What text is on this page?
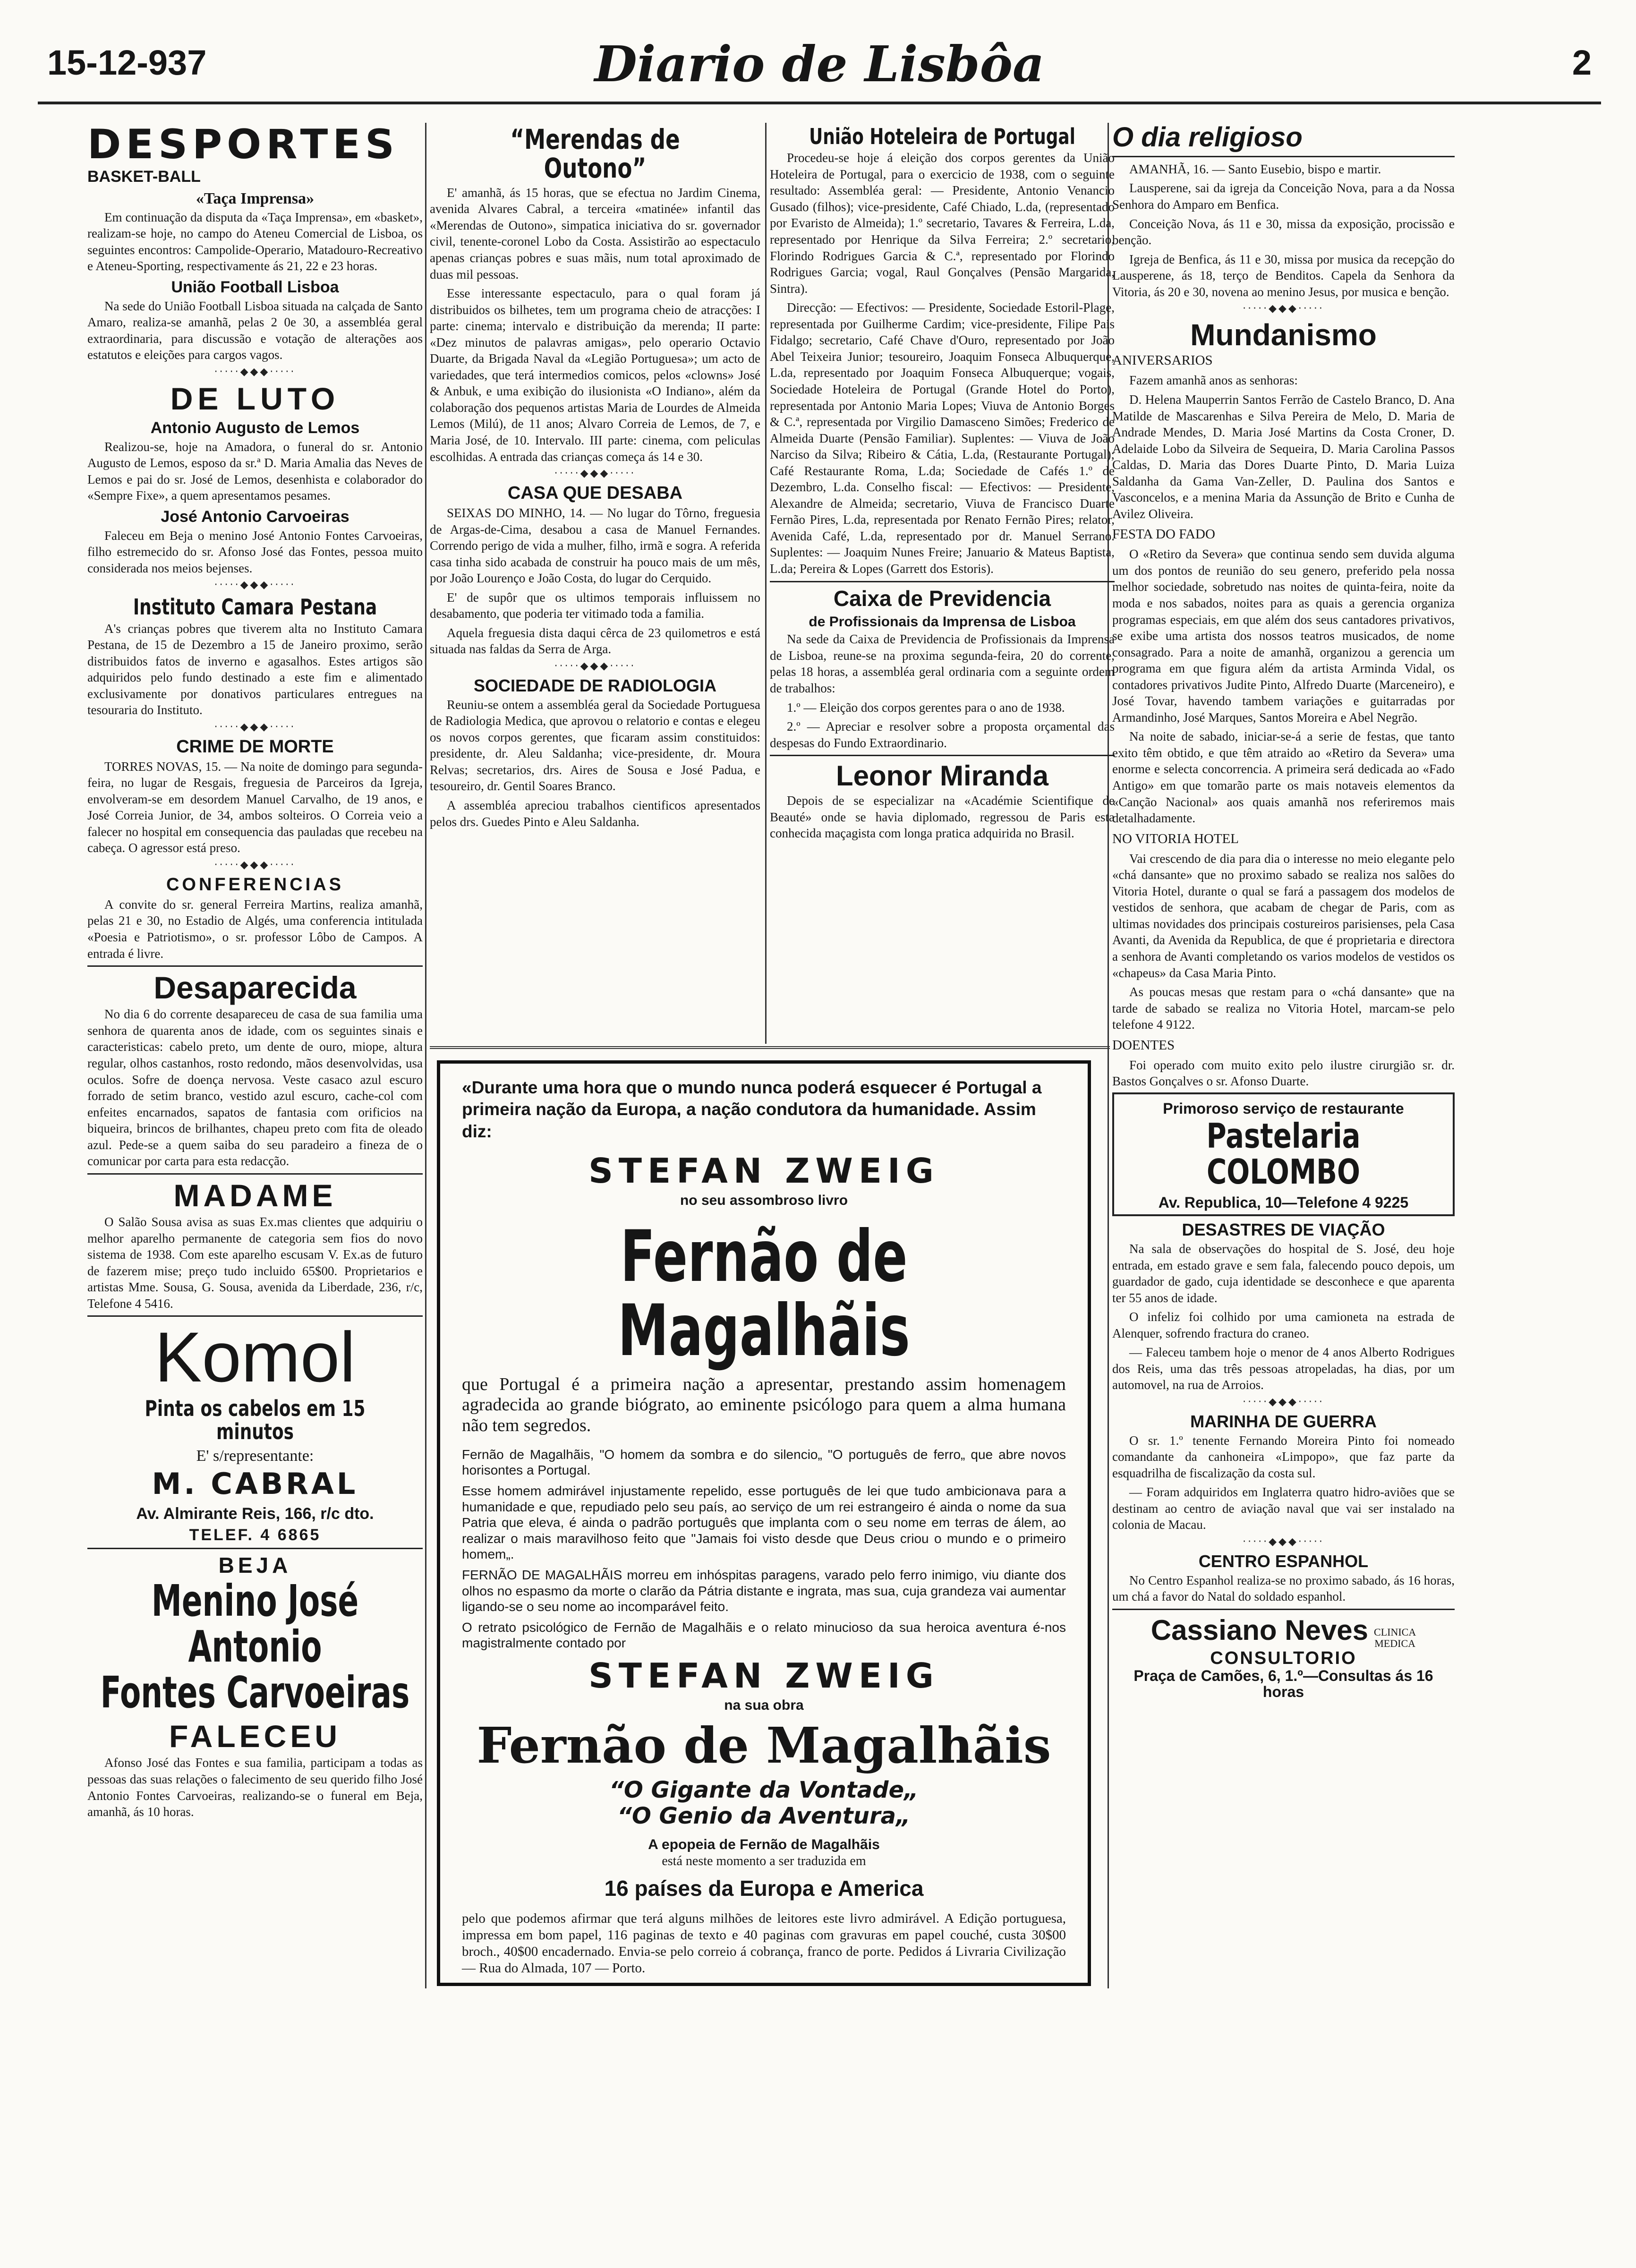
15-12-937	Diario de Lisbôa	2
DESPORTES
BASKET-BALL
«Taça Imprensa»

Em continuação da disputa da «Taça Imprensa», em «basket», realizam-se hoje, no campo do Ateneu Comercial de Lisboa, os seguintes encontros: Campolide-Operario, Matadouro-Recreativo e Ateneu-Sporting, respectivamente ás 21, 22 e 23 horas.

União Football Lisboa

Na sede do União Football Lisboa situada na calçada de Santo Amaro, realiza-se amanhã, pelas 2 0e 30, a assembléa geral extraordinaria, para discussão e votação de alterações aos estatutos e eleições para cargos vagos.

·····◆◆◆·····
DE LUTO
Antonio Augusto de Lemos

Realizou-se, hoje na Amadora, o funeral do sr. Antonio Augusto de Lemos, esposo da sr.ª D. Maria Amalia das Neves de Lemos e pai do sr. José de Lemos, desenhista e colaborador do «Sempre Fixe», a quem apresentamos pesames.

José Antonio Carvoeiras

Faleceu em Beja o menino José Antonio Fontes Carvoeiras, filho estremecido do sr. Afonso José das Fontes, pessoa muito considerada nos meios bejenses.

·····◆◆◆·····
Instituto Camara Pestana

A's crianças pobres que tiverem alta no Instituto Camara Pestana, de 15 de Dezembro a 15 de Janeiro proximo, serão distribuidos fatos de inverno e agasalhos. Estes artigos são adquiridos pelo fundo destinado a este fim e alimentado exclusivamente por donativos particulares entregues na tesouraria do Instituto.

·····◆◆◆·····
CRIME DE MORTE

TORRES NOVAS, 15. — Na noite de domingo para segunda-feira, no lugar de Resgais, freguesia de Parceiros da Igreja, envolveram-se em desordem Manuel Carvalho, de 19 anos, e José Correia Junior, de 34, ambos solteiros. O Correia veio a falecer no hospital em consequencia das pauladas que recebeu na cabeça. O agressor está preso.

·····◆◆◆·····
CONFERENCIAS

A convite do sr. general Ferreira Martins, realiza amanhã, pelas 21 e 30, no Estadio de Algés, uma conferencia intitulada «Poesia e Patriotismo», o sr. professor Lôbo de Campos. A entrada é livre.

Desaparecida

No dia 6 do corrente desapareceu de casa de sua familia uma senhora de quarenta anos de idade, com os seguintes sinais e caracteristicas: cabelo preto, um dente de ouro, miope, altura regular, olhos castanhos, rosto redondo, mãos desenvolvidas, usa oculos. Sofre de doença nervosa. Veste casaco azul escuro forrado de setim branco, vestido azul escuro, cache-col com enfeites encarnados, sapatos de fantasia com orificios na biqueira, brincos de brilhantes, chapeu preto com fita de oleado azul. Pede-se a quem saiba do seu paradeiro a fineza de o comunicar por carta para esta redacção.

MADAME

O Salão Sousa avisa as suas Ex.mas clientes que adquiriu o melhor aparelho permanente de categoria sem fios do novo sistema de 1938. Com este aparelho escusam V. Ex.as de futuro de fazerem mise; preço tudo incluido 65$00. Proprietarios e artistas Mme. Sousa, G. Sousa, avenida da Liberdade, 236, r/c, Telefone 4 5416.

Komol
Pinta os cabelos em 15 minutos
E' s/representante:
M. CABRAL
Av. Almirante Reis, 166, r/c dto.
TELEF. 4 6865
BEJA
Menino José Antonio
Fontes Carvoeiras
FALECEU

Afonso José das Fontes e sua familia, participam a todas as pessoas das suas relações o falecimento de seu querido filho José Antonio Fontes Carvoeiras, realizando-se o funeral em Beja, amanhã, ás 10 horas.

“Merendas de Outono”

E' amanhã, ás 15 horas, que se efectua no Jardim Cinema, avenida Alvares Cabral, a terceira «matinée» infantil das «Merendas de Outono», simpatica iniciativa do sr. governador civil, tenente-coronel Lobo da Costa. Assistirão ao espectaculo apenas crianças pobres e suas mãis, num total aproximado de duas mil pessoas.

Esse interessante espectaculo, para o qual foram já distribuidos os bilhetes, tem um programa cheio de atracções: I parte: cinema; intervalo e distribuição da merenda; II parte: «Dez minutos de palavras amigas», pelo operario Octavio Duarte, da Brigada Naval da «Legião Portuguesa»; um acto de variedades, que terá intermedios comicos, pelos «clowns» José & Anbuk, e uma exibição do ilusionista «O Indiano», além da colaboração dos pequenos artistas Maria de Lourdes de Almeida Lemos (Milú), de 11 anos; Alvaro Correia de Lemos, de 7, e Maria José, de 10. Intervalo. III parte: cinema, com peliculas escolhidas. A entrada das crianças começa ás 14 e 30.

·····◆◆◆·····
CASA QUE DESABA

SEIXAS DO MINHO, 14. — No lugar do Tôrno, freguesia de Argas-de-Cima, desabou a casa de Manuel Fernandes. Correndo perigo de vida a mulher, filho, irmã e sogra. A referida casa tinha sido acabada de construir ha pouco mais de um mês, por João Lourenço e João Costa, do lugar do Cerquido.

E' de supôr que os ultimos temporais influissem no desabamento, que poderia ter vitimado toda a familia.

Aquela freguesia dista daqui cêrca de 23 quilometros e está situada nas faldas da Serra de Arga.

·····◆◆◆·····
SOCIEDADE DE RADIOLOGIA

Reuniu-se ontem a assembléa geral da Sociedade Portuguesa de Radiologia Medica, que aprovou o relatorio e contas e elegeu os novos corpos gerentes, que ficaram assim constituidos: presidente, dr. Aleu Saldanha; vice-presidente, dr. Moura Relvas; secretarios, drs. Aires de Sousa e José Padua, e tesoureiro, dr. Gentil Soares Branco.

A assembléa apreciou trabalhos cientificos apresentados pelos drs. Guedes Pinto e Aleu Saldanha.

União Hoteleira de Portugal

Procedeu-se hoje á eleição dos corpos gerentes da União Hoteleira de Portugal, para o exercicio de 1938, com o seguinte resultado: Assembléa geral: — Presidente, Antonio Venancio Gusado (filhos); vice-presidente, Café Chiado, L.da, (representado por Evaristo de Almeida); 1.º secretario, Tavares & Ferreira, L.da, representado por Henrique da Silva Ferreira; 2.º secretario, Florindo Rodrigues Garcia & C.ª, representado por Florindo Rodrigues Garcia; vogal, Raul Gonçalves (Pensão Margarida, Sintra).

Direcção: — Efectivos: — Presidente, Sociedade Estoril-Plage, representada por Guilherme Cardim; vice-presidente, Filipe Pais Fidalgo; secretario, Café Chave d'Ouro, representado por João Abel Teixeira Junior; tesoureiro, Joaquim Fonseca Albuquerque, L.da, representado por Joaquim Fonseca Albuquerque; vogais, Sociedade Hoteleira de Portugal (Grande Hotel do Porto), representada por Antonio Maria Lopes; Viuva de Antonio Borges & C.ª, representada por Virgilio Damasceno Simões; Frederico de Almeida Duarte (Pensão Familiar). Suplentes: — Viuva de João Narciso da Silva; Ribeiro & Cátia, L.da, (Restaurante Portugal); Café Restaurante Roma, L.da; Sociedade de Cafés 1.º de Dezembro, L.da. Conselho fiscal: — Efectivos: — Presidente, Alexandre de Almeida; secretario, Viuva de Francisco Duarte Fernão Pires, L.da, representada por Renato Fernão Pires; relator, Avenida Café, L.da, representado por dr. Manuel Serrano. Suplentes: — Joaquim Nunes Freire; Januario & Mateus Baptista, L.da; Pereira & Lopes (Garrett dos Estoris).

Caixa de Previdencia
de Profissionais da Imprensa de Lisboa

Na sede da Caixa de Previdencia de Profissionais da Imprensa de Lisboa, reune-se na proxima segunda-feira, 20 do corrente, pelas 18 horas, a assembléa geral ordinaria com a seguinte ordem de trabalhos:

1.º — Eleição dos corpos gerentes para o ano de 1938.

2.º — Apreciar e resolver sobre a proposta orçamental das despesas do Fundo Extraordinario.

Leonor Miranda

Depois de se especializar na «Académie Scientifique de Beauté» onde se havia diplomado, regressou de Paris esta conhecida maçagista com longa pratica adquirida no Brasil.

O dia religioso

AMANHÃ, 16. — Santo Eusebio, bispo e martir.

Lausperene, sai da igreja da Conceição Nova, para a da Nossa Senhora do Amparo em Benfica.

Conceição Nova, ás 11 e 30, missa da exposição, procissão e benção.

Igreja de Benfica, ás 11 e 30, missa por musica da recepção do Lausperene, ás 18, terço de Benditos. Capela da Senhora da Vitoria, ás 20 e 30, novena ao menino Jesus, por musica e benção.

·····◆◆◆·····
Mundanismo
ANIVERSARIOS

Fazem amanhã anos as senhoras:

D. Helena Mauperrin Santos Ferrão de Castelo Branco, D. Ana Matilde de Mascarenhas e Silva Pereira de Melo, D. Maria de Andrade Mendes, D. Maria José Martins da Costa Croner, D. Adelaide Lobo da Silveira de Sequeira, D. Maria Carolina Passos Caldas, D. Maria das Dores Duarte Pinto, D. Maria Luiza Saldanha da Gama Van-Zeller, D. Paulina dos Santos e Vasconcelos, e a menina Maria da Assunção de Brito e Cunha de Avilez Oliveira.

FESTA DO FADO

O «Retiro da Severa» que continua sendo sem duvida alguma um dos pontos de reunião do seu genero, preferido pela nossa melhor sociedade, sobretudo nas noites de quinta-feira, noite da moda e nos sabados, noites para as quais a gerencia organiza programas especiais, em que além dos seus cantadores privativos, se exibe uma artista dos nossos teatros musicados, de nome consagrado. Para a noite de amanhã, organizou a gerencia um programa em que figura além da artista Arminda Vidal, os contadores privativos Judite Pinto, Alfredo Duarte (Marceneiro), e José Tovar, havendo tambem variações e guitarradas por Armandinho, José Marques, Santos Moreira e Abel Negrão.

Na noite de sabado, iniciar-se-á a serie de festas, que tanto exito têm obtido, e que têm atraido ao «Retiro da Severa» uma enorme e selecta concorrencia. A primeira será dedicada ao «Fado Antigo» em que tomarão parte os mais notaveis elementos da «Canção Nacional» aos quais amanhã nos referiremos mais detalhadamente.

NO VITORIA HOTEL

Vai crescendo de dia para dia o interesse no meio elegante pelo «chá dansante» que no proximo sabado se realiza nos salões do Vitoria Hotel, durante o qual se fará a passagem dos modelos de vestidos de senhora, que acabam de chegar de Paris, com as ultimas novidades dos principais costureiros parisienses, pela Casa Avanti, da Avenida da Republica, de que é proprietaria e directora a senhora de Avanti completando os varios modelos de vestidos os «chapeus» da Casa Maria Pinto.

As poucas mesas que restam para o «chá dansante» que na tarde de sabado se realiza no Vitoria Hotel, marcam-se pelo telefone 4 9122.

DOENTES

Foi operado com muito exito pelo ilustre cirurgião sr. dr. Bastos Gonçalves o sr. Afonso Duarte.

Primoroso serviço de restaurante
Pastelaria COLOMBO
Av. Republica, 10—Telefone 4 9225
DESASTRES DE VIAÇÃO

Na sala de observações do hospital de S. José, deu hoje entrada, em estado grave e sem fala, falecendo pouco depois, um guardador de gado, cuja identidade se desconhece e que aparenta ter 55 anos de idade.

O infeliz foi colhido por uma camioneta na estrada de Alenquer, sofrendo fractura do craneo.

— Faleceu tambem hoje o menor de 4 anos Alberto Rodrigues dos Reis, uma das três pessoas atropeladas, ha dias, por um automovel, na rua de Arroios.

·····◆◆◆·····
MARINHA DE GUERRA

O sr. 1.º tenente Fernando Moreira Pinto foi nomeado comandante da canhoneira «Limpopo», que faz parte da esquadrilha de fiscalização da costa sul.

— Foram adquiridos em Inglaterra quatro hidro-aviões que se destinam ao centro de aviação naval que vai ser instalado na colonia de Macau.

·····◆◆◆·····
CENTRO ESPANHOL

No Centro Espanhol realiza-se no proximo sabado, ás 16 horas, um chá a favor do Natal do soldado espanhol.

Cassiano Neves CLINICA
MEDICA
CONSULTORIO
Praça de Camões, 6, 1.º—Consultas ás 16 horas

«Durante uma hora que o mundo nunca poderá esquecer é Portugal a primeira nação da Europa, a nação condutora da humanidade. Assim diz:

STEFAN ZWEIG
no seu assombroso livro
Fernão de Magalhãis

que Portugal é a primeira nação a apresentar, prestando assim homenagem agradecida ao grande biógrato, ao eminente psicólogo para quem a alma humana não tem segredos.

Fernão de Magalhãis, "O homem da sombra e do silencio„ "O português de ferro„ que abre novos horisontes a Portugal.

Esse homem admirável injustamente repelido, esse português de lei que tudo ambicionava para a humanidade e que, repudiado pelo seu país, ao serviço de um rei estrangeiro é ainda o nome da sua Patria que eleva, é ainda o padrão português que implanta com o seu nome em terras de álem, ao realizar o mais maravilhoso feito que "Jamais foi visto desde que Deus criou o mundo e o primeiro homem„.

FERNÃO DE MAGALHÃIS morreu em inhóspitas paragens, varado pelo ferro inimigo, viu diante dos olhos no espasmo da morte o clarão da Pátria distante e ingrata, mas sua, cuja grandeza vai aumentar ligando-se o seu nome ao incomparável feito.

O retrato psicológico de Fernão de Magalhãis e o relato minucioso da sua heroica aventura é-nos magistralmente contado por

STEFAN ZWEIG
na sua obra
Fernão de Magalhãis
“O Gigante da Vontade„
“O Genio da Aventura„
A epopeia de Fernão de Magalhãis
está neste momento a ser traduzida em
16 países da Europa e America

pelo que podemos afirmar que terá alguns milhões de leitores este livro admirável. A Edição portuguesa, impressa em bom papel, 116 paginas de texto e 40 paginas com gravuras em papel couché, custa 30$00 broch., 40$00 encadernado. Envia-se pelo correio á cobrança, franco de porte. Pedidos á Livraria Civilização — Rua do Almada, 107 — Porto.
